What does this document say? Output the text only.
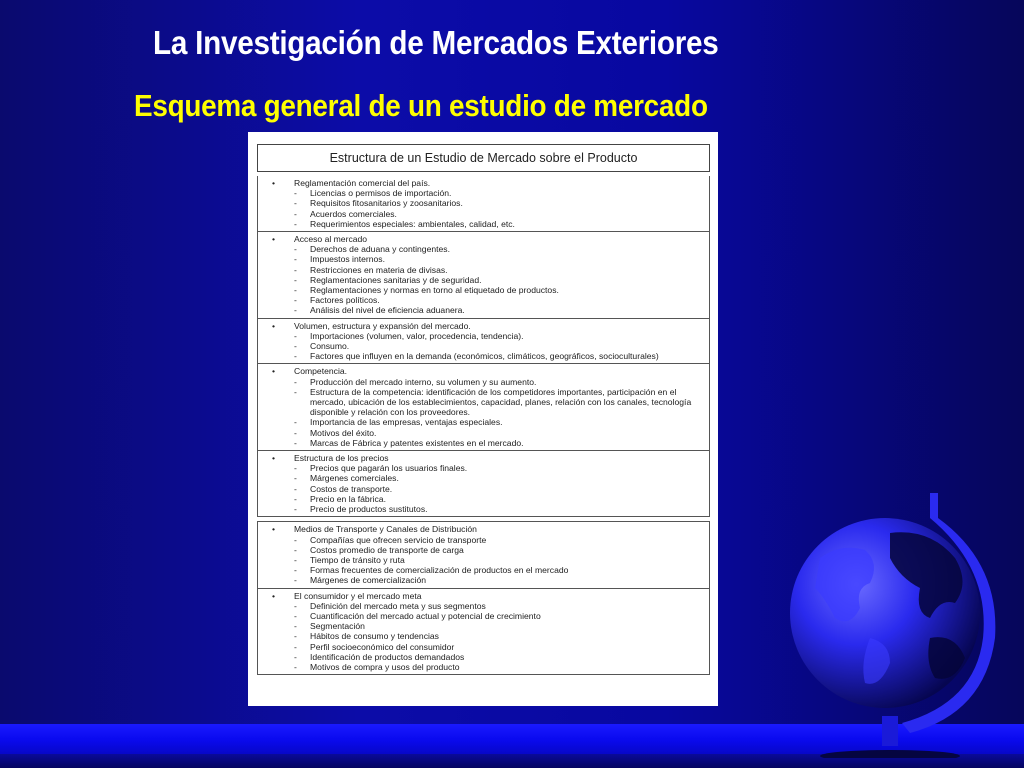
La Investigación de Mercados Exteriores
Esquema general de un estudio de mercado
Estructura de un Estudio de Mercado sobre el Producto
• Reglamentación comercial del país.
- Licencias o permisos de importación.
- Requisitos fitosanitarios y zoosanitarios.
- Acuerdos comerciales.
- Requerimientos especiales: ambientales, calidad, etc.
• Acceso al mercado
- Derechos de aduana y contingentes.
- Impuestos internos.
- Restricciones en materia de divisas.
- Reglamentaciones sanitarias y de seguridad.
- Reglamentaciones y normas en torno al etiquetado de productos.
- Factores políticos.
- Análisis del nivel de eficiencia aduanera.
• Volumen, estructura y expansión del mercado.
- Importaciones (volumen, valor, procedencia, tendencia).
- Consumo.
- Factores que influyen en la demanda (económicos, climáticos, geográficos, socioculturales)
• Competencia.
- Producción del mercado interno, su volumen y su aumento.
- Estructura de la competencia: identificación de los competidores importantes, participación en el mercado, ubicación de los establecimientos, capacidad, planes, relación con los canales, tecnología disponible y relación con los proveedores.
- Importancia de las empresas, ventajas especiales.
- Motivos del éxito.
- Marcas de Fábrica y patentes existentes en el mercado.
• Estructura de los precios
- Precios que pagarán los usuarios finales.
- Márgenes comerciales.
- Costos de transporte.
- Precio en la fábrica.
- Precio de productos sustitutos.
• Medios de Transporte y Canales de Distribución
- Compañías que ofrecen servicio de transporte
- Costos promedio de transporte de carga
- Tiempo de tránsito y ruta
- Formas frecuentes de comercialización de productos en el mercado
- Márgenes de comercialización
• El consumidor y el mercado meta
- Definición del mercado meta y sus segmentos
- Cuantificación del mercado actual y potencial de crecimiento
- Segmentación
- Hábitos de consumo y tendencias
- Perfil socioeconómico del consumidor
- Identificación de productos demandados
- Motivos de compra y usos del producto
